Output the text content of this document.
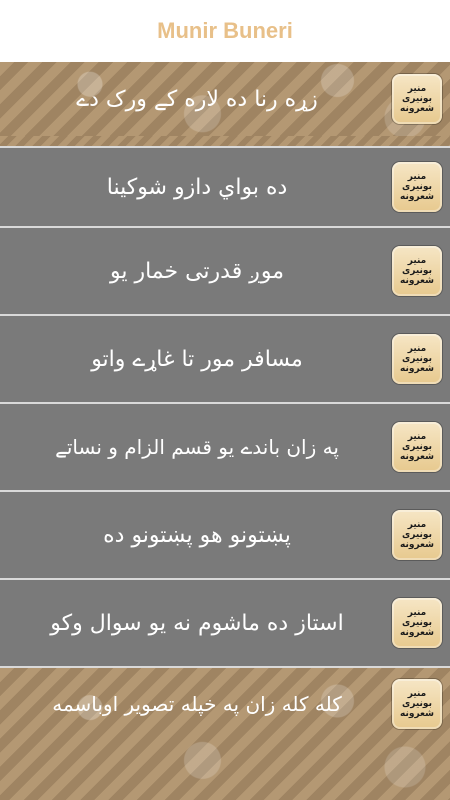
Munir Buneri
زړه رنا ده لاره کے ورک دے	منیر
بونیری
شعرونه
ده بواي دازو شوکينا	منیر
بونیری
شعرونه
موږ قدرتی خمار يو	منیر
بونیری
شعرونه
مسافر مور تا غاړے واتو	منیر
بونیری
شعرونه
په زان باندے يو قسم الزام و نساتے	منیر
بونیری
شعرونه
پښتونو هو پښتونو ده	منیر
بونیری
شعرونه
استاز ده ماشوم نه يو سوال وكو	منیر
بونیری
شعرونه
كله كله زان په خپله تصوير اوباسمه	منیر
بونیری
شعرونه
